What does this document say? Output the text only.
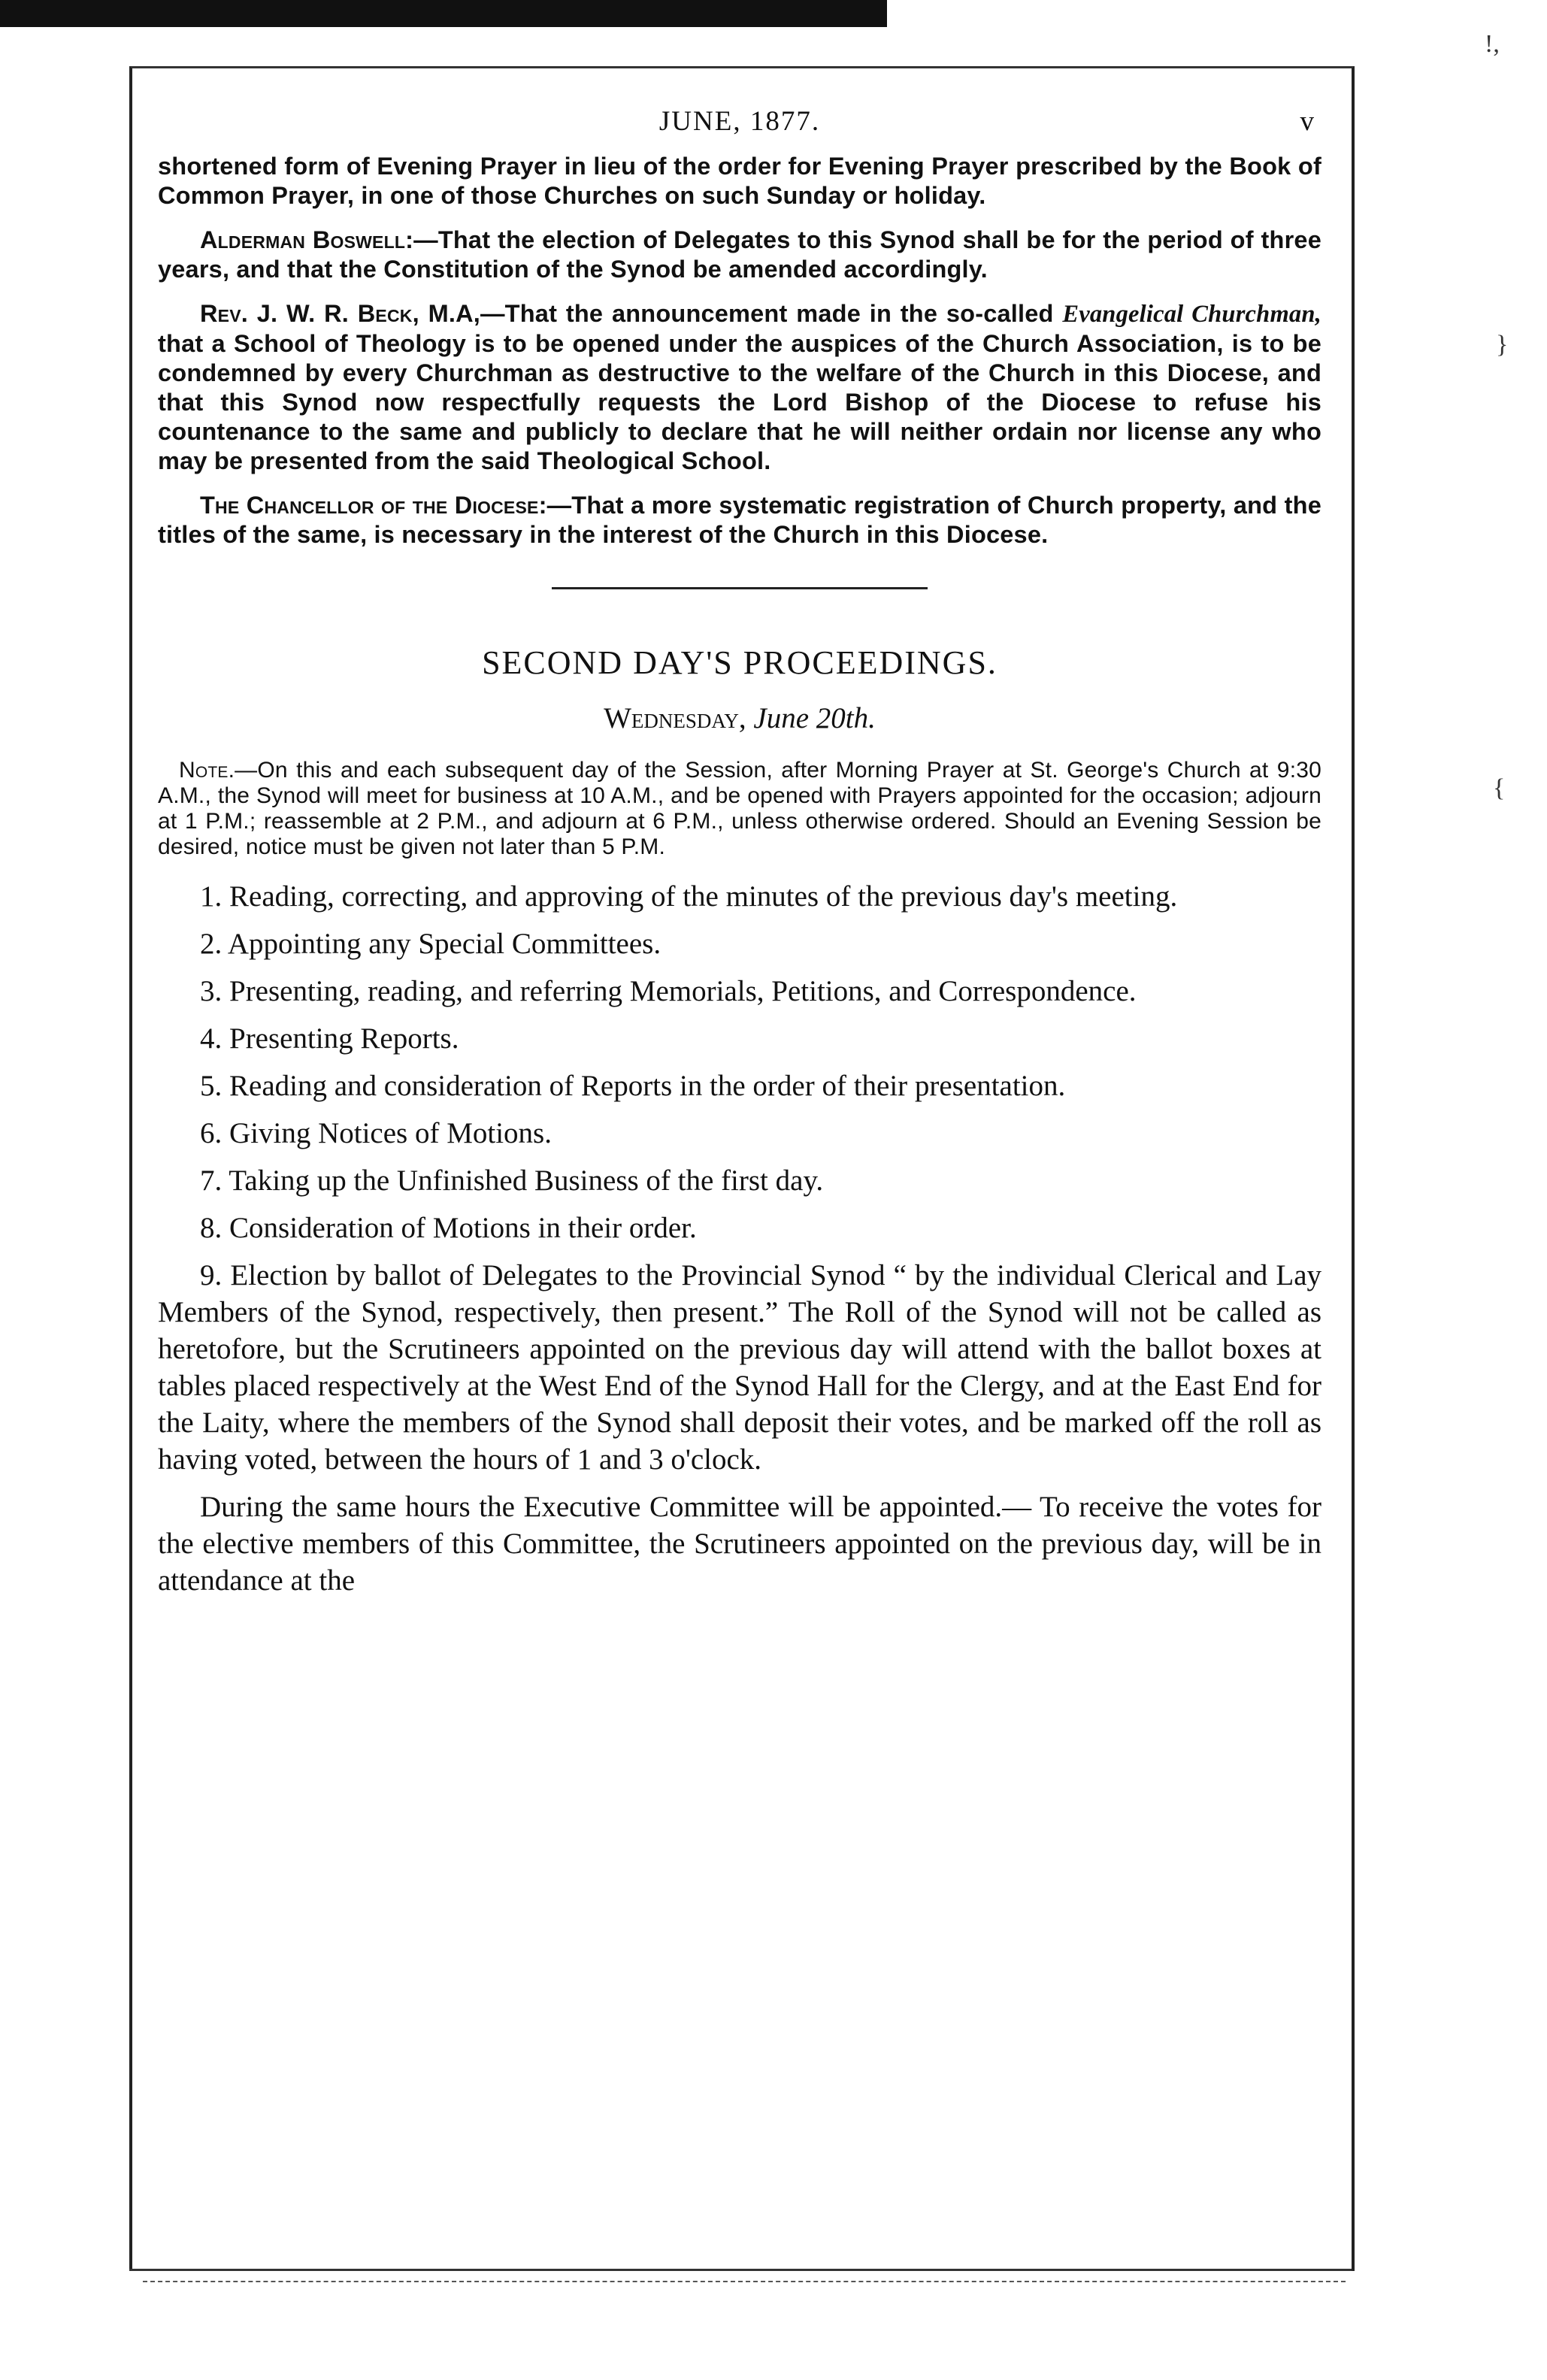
!,
}
{
JUNE, 1877.	v

shortened form of Evening Prayer in lieu of the order for Evening Prayer prescribed by the Book of Common Prayer, in one of those Churches on such Sunday or holiday.

Alderman Boswell:—That the election of Delegates to this Synod shall be for the period of three years, and that the Constitution of the Synod be amended accordingly.

Rev. J. W. R. Beck, M.A,—That the announcement made in the so-called Evangelical Churchman, that a School of Theology is to be opened under the auspices of the Church Association, is to be condemned by every Churchman as destructive to the welfare of the Church in this Diocese, and that this Synod now respectfully requests the Lord Bishop of the Diocese to refuse his countenance to the same and publicly to declare that he will neither ordain nor license any who may be presented from the said Theological School.

The Chancellor of the Diocese:—That a more systematic registration of Church property, and the titles of the same, is necessary in the interest of the Church in this Diocese.

SECOND DAY'S PROCEEDINGS.
Wednesday, June 20th.

Note.—On this and each subsequent day of the Session, after Morning Prayer at St. George's Church at 9:30 A.M., the Synod will meet for business at 10 A.M., and be opened with Prayers appointed for the occasion; adjourn at 1 P.M.; reassemble at 2 P.M., and adjourn at 6 P.M., unless otherwise ordered. Should an Evening Session be desired, notice must be given not later than 5 P.M.

1. Reading, correcting, and approving of the minutes of the previous day's meeting.

2. Appointing any Special Committees.

3. Presenting, reading, and referring Memorials, Petitions, and Correspondence.

4. Presenting Reports.

5. Reading and consideration of Reports in the order of their presentation.

6. Giving Notices of Motions.

7. Taking up the Unfinished Business of the first day.

8. Consideration of Motions in their order.

9. Election by ballot of Delegates to the Provincial Synod “ by the individual Clerical and Lay Members of the Synod, respectively, then present.” The Roll of the Synod will not be called as heretofore, but the Scrutineers appointed on the previous day will attend with the ballot boxes at tables placed respectively at the West End of the Synod Hall for the Clergy, and at the East End for the Laity, where the members of the Synod shall deposit their votes, and be marked off the roll as having voted, between the hours of 1 and 3 o'clock.

During the same hours the Executive Committee will be appointed.— To receive the votes for the elective members of this Committee, the Scrutineers appointed on the previous day, will be in attendance at the
